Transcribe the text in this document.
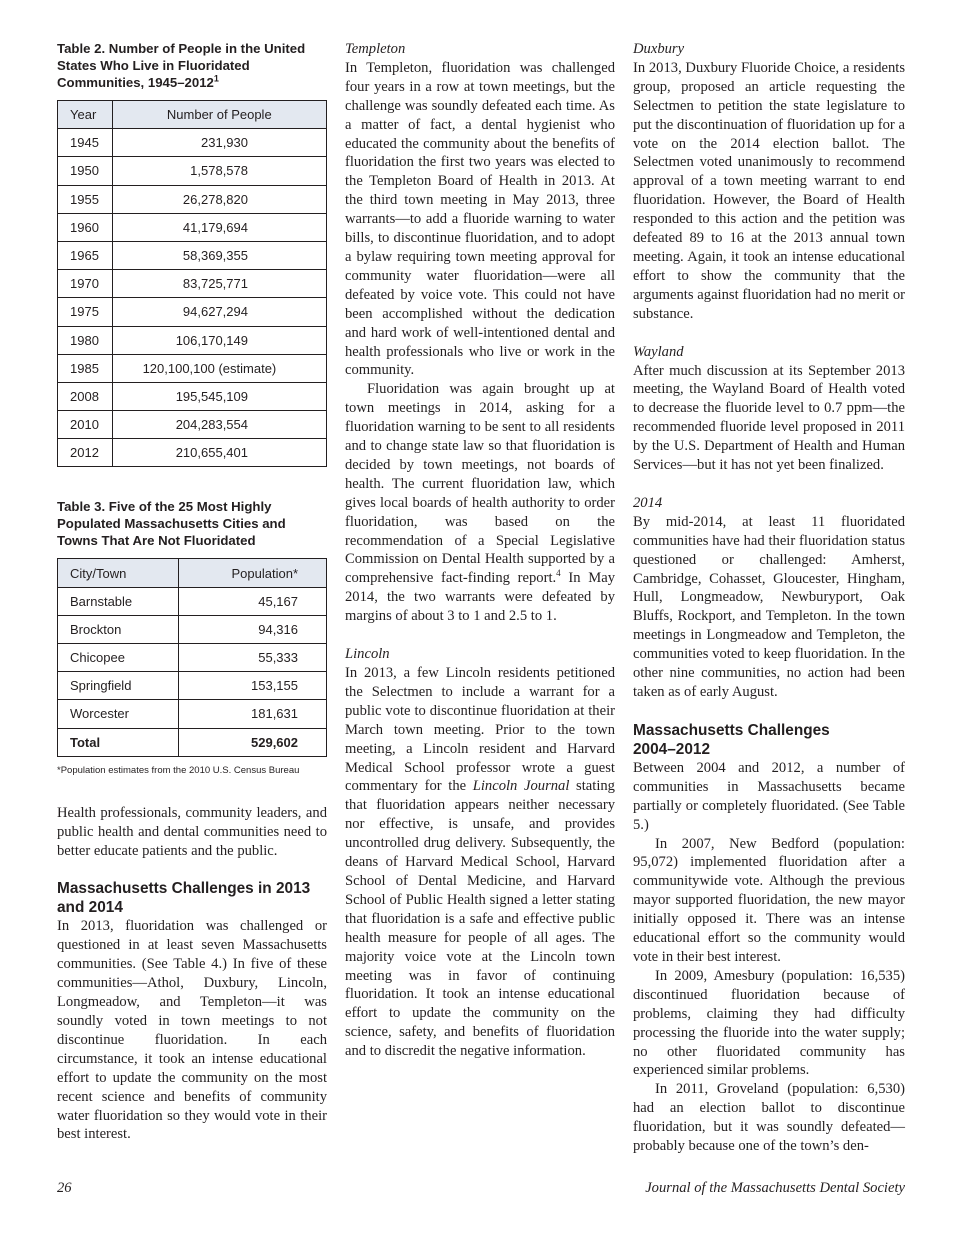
Table 2. Number of People in the United States Who Live in Fluoridated Communities, 1945–2012$^1$
Year	Number of People
1945	231,930
1950	1,578,578
1955	26,278,820
1960	41,179,694
1965	58,369,355
1970	83,725,771
1975	94,627,294
1980	106,170,149
1985	120,100,100 (estimate)
2008	195,545,109
2010	204,283,554
2012	210,655,401
Table 3. Five of the 25 Most Highly Populated Massachusetts Cities and Towns That Are Not Fluoridated
City/Town	Population*
Barnstable	45,167
Brockton	94,316
Chicopee	55,333
Springfield	153,155
Worcester	181,631
Total	529,602
*Population estimates from the 2010 U.S. Census Bureau

Health professionals, community leaders, and public health and dental communities need to better educate patients and the public.

Massachusetts Challenges in 2013 and 2014

In 2013, fluoridation was challenged or questioned in at least seven Massachusetts communities. (See Table 4.) In five of these communities—Athol, Duxbury, Lincoln, Longmeadow, and Templeton—it was soundly voted in town meetings to not discontinue fluoridation. In each circumstance, it took an intense educational effort to update the community on the most recent science and benefits of community water fluoridation so they would vote in their best interest.

Templeton

In Templeton, fluoridation was challenged four years in a row at town meetings, but the challenge was soundly defeated each time. As a matter of fact, a dental hygienist who educated the community about the benefits of fluoridation the first two years was elected to the Templeton Board of Health in 2013. At the third town meeting in May 2013, three warrants—to add a fluoride warning to water bills, to discontinue fluoridation, and to adopt a bylaw requiring town meeting approval for community water fluoridation—were all defeated by voice vote. This could not have been accomplished without the dedication and hard work of well-intentioned dental and health professionals who live or work in the community.

Fluoridation was again brought up at town meetings in 2014, asking for a fluoridation warning to be sent to all residents and to change state law so that fluoridation is decided by town meetings, not boards of health. The current fluoridation law, which gives local boards of health authority to order fluoridation, was based on the recommendation of a Special Legislative Commission on Dental Health supported by a comprehensive fact-finding report.$^4$ In May 2014, the two warrants were defeated by margins of about 3 to 1 and 2.5 to 1.

Lincoln

In 2013, a few Lincoln residents petitioned the Selectmen to include a warrant for a public vote to discontinue fluoridation at their March town meeting. Prior to the town meeting, a Lincoln resident and Harvard Medical School professor wrote a guest commentary for the Lincoln Journal stating that fluoridation appears neither necessary nor effective, is unsafe, and provides uncontrolled drug delivery. Subsequently, the deans of Harvard Medical School, Harvard School of Dental Medicine, and Harvard School of Public Health signed a letter stating that fluoridation is a safe and effective public health measure for people of all ages. The majority voice vote at the Lincoln town meeting was in favor of continuing fluoridation. It took an intense educational effort to update the community on the science, safety, and benefits of fluoridation and to discredit the negative information.

Duxbury

In 2013, Duxbury Fluoride Choice, a residents group, proposed an article requesting the Selectmen to petition the state legislature to put the discontinuation of fluoridation up for a vote on the 2014 election ballot. The Selectmen voted unanimously to recommend approval of a town meeting warrant to end fluoridation. However, the Board of Health responded to this action and the petition was defeated 89 to 16 at the 2013 annual town meeting. Again, it took an intense educational effort to show the community that the arguments against fluoridation had no merit or substance.

Wayland

After much discussion at its September 2013 meeting, the Wayland Board of Health voted to decrease the fluoride level to 0.7 ppm—the recommended fluoride level proposed in 2011 by the U.S. Department of Health and Human Services—but it has not yet been finalized.

2014

By mid-2014, at least 11 fluoridated communities have had their fluoridation status questioned or challenged: Amherst, Cambridge, Cohasset, Gloucester, Hingham, Hull, Longmeadow, Newburyport, Oak Bluffs, Rockport, and Templeton. In the town meetings in Longmeadow and Templeton, the communities voted to keep fluoridation. In the other nine communities, no action had been taken as of early August.

Massachusetts Challenges 2004–2012

Between 2004 and 2012, a number of communities in Massachusetts became partially or completely fluoridated. (See Table 5.)

In 2007, New Bedford (population: 95,072) implemented fluoridation after a communitywide vote. Although the previous mayor supported fluoridation, the new mayor initially opposed it. There was an intense educational effort so the community would vote in their best interest.

In 2009, Amesbury (population: 16,535) discontinued fluoridation because of problems, claiming they had difficulty processing the fluoride into the water supply; no other fluoridated community has experienced similar problems.

In 2011, Groveland (population: 6,530) had an election ballot to discontinue fluoridation, but it was soundly defeated—probably because one of the town’s den-

26	Journal of the Massachusetts Dental Society
